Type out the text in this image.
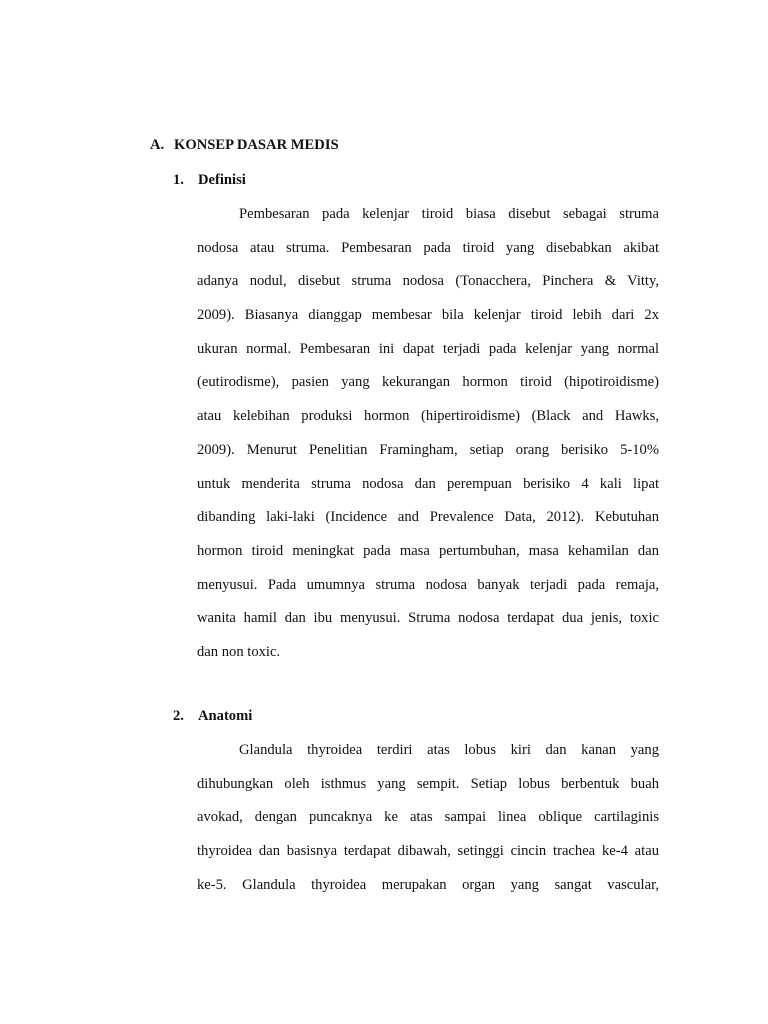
A. KONSEP DASAR MEDIS
1. Definisi
Pembesaran pada kelenjar tiroid biasa disebut sebagai struma
nodosa atau struma. Pembesaran pada tiroid yang disebabkan akibat
adanya nodul, disebut struma nodosa (Tonacchera, Pinchera & Vitty,
2009). Biasanya dianggap membesar bila kelenjar tiroid lebih dari 2x
ukuran normal. Pembesaran ini dapat terjadi pada kelenjar yang normal
(eutirodisme), pasien yang kekurangan hormon tiroid (hipotiroidisme)
atau kelebihan produksi hormon (hipertiroidisme) (Black and Hawks,
2009). Menurut Penelitian Framingham, setiap orang berisiko 5-10%
untuk menderita struma nodosa dan perempuan berisiko 4 kali lipat
dibanding laki-laki (Incidence and Prevalence Data, 2012). Kebutuhan
hormon tiroid meningkat pada masa pertumbuhan, masa kehamilan dan
menyusui. Pada umumnya struma nodosa banyak terjadi pada remaja,
wanita hamil dan ibu menyusui. Struma nodosa terdapat dua jenis, toxic
dan non toxic.
2. Anatomi
Glandula thyroidea terdiri atas lobus kiri dan kanan yang
dihubungkan oleh isthmus yang sempit. Setiap lobus berbentuk buah
avokad, dengan puncaknya ke atas sampai linea oblique cartilaginis
thyroidea dan basisnya terdapat dibawah, setinggi cincin trachea ke-4 atau
ke-5. Glandula thyroidea merupakan organ yang sangat vascular,
